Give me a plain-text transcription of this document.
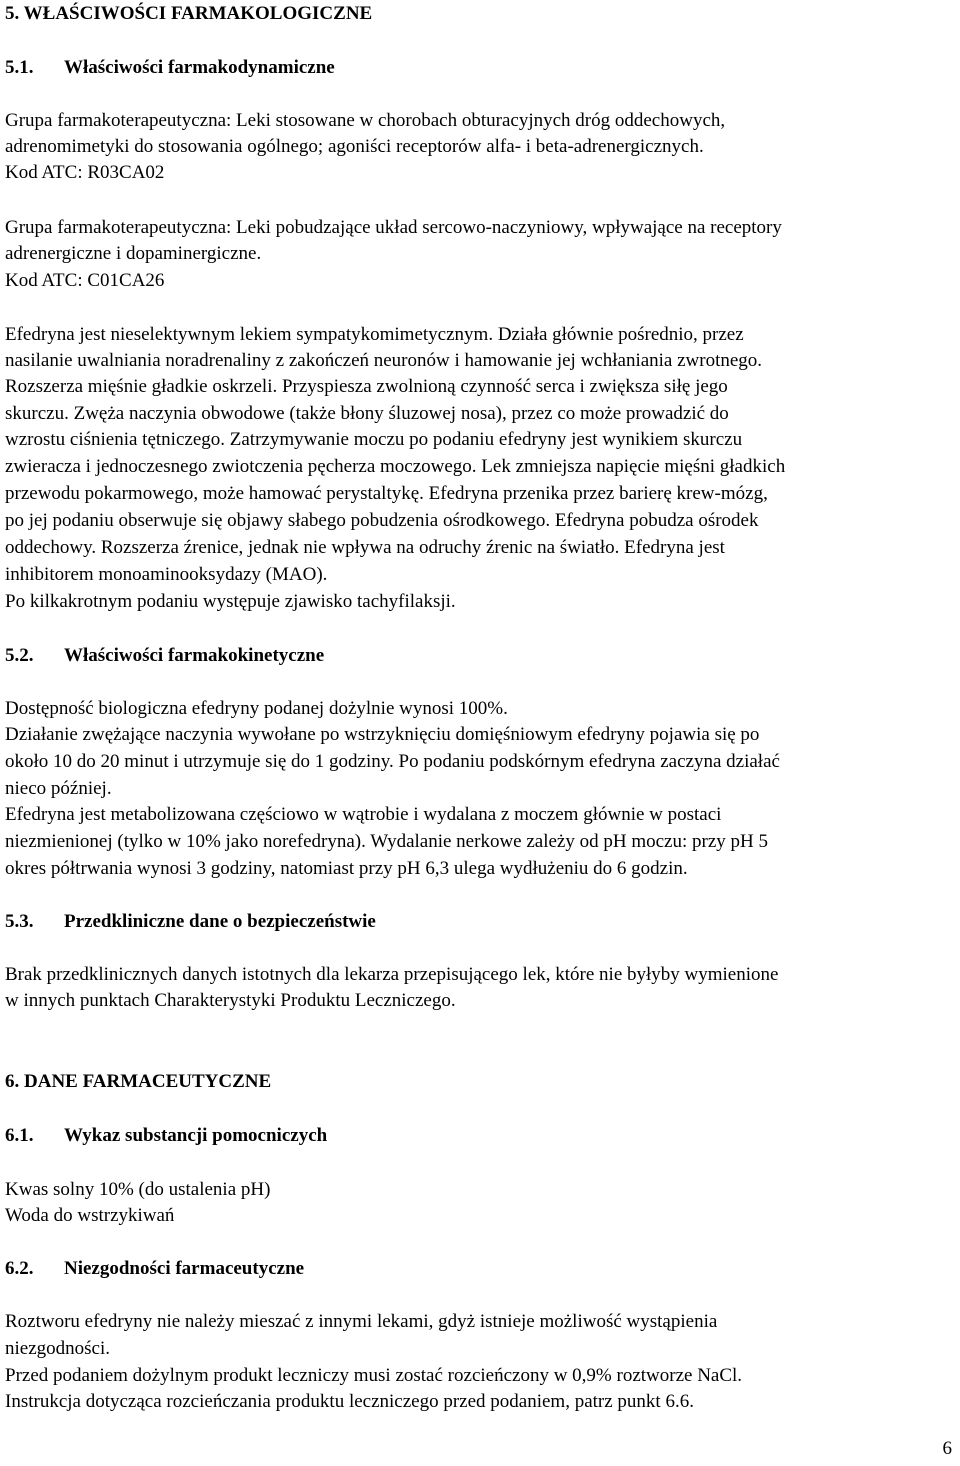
5. WŁAŚCIWOŚCI FARMAKOLOGICZNE
5.1. Właściwości farmakodynamiczne
Grupa farmakoterapeutyczna: Leki stosowane w chorobach obturacyjnych dróg oddechowych,
adrenomimetyki do stosowania ogólnego; agoniści receptorów alfa- i beta-adrenergicznych.
Kod ATC: R03CA02
Grupa farmakoterapeutyczna: Leki pobudzające układ sercowo-naczyniowy, wpływające na receptory
adrenergiczne i dopaminergiczne.
Kod ATC: C01CA26
Efedryna jest nieselektywnym lekiem sympatykomimetycznym. Działa głównie pośrednio, przez
nasilanie uwalniania noradrenaliny z zakończeń neuronów i hamowanie jej wchłaniania zwrotnego.
Rozszerza mięśnie gładkie oskrzeli. Przyspiesza zwolnioną czynność serca i zwiększa siłę jego
skurczu. Zwęża naczynia obwodowe (także błony śluzowej nosa), przez co może prowadzić do
wzrostu ciśnienia tętniczego. Zatrzymywanie moczu po podaniu efedryny jest wynikiem skurczu
zwieracza i jednoczesnego zwiotczenia pęcherza moczowego. Lek zmniejsza napięcie mięśni gładkich
przewodu pokarmowego, może hamować perystaltykę. Efedryna przenika przez barierę krew-mózg,
po jej podaniu obserwuje się objawy słabego pobudzenia ośrodkowego. Efedryna pobudza ośrodek
oddechowy. Rozszerza źrenice, jednak nie wpływa na odruchy źrenic na światło. Efedryna jest
inhibitorem monoaminooksydazy (MAO).
Po kilkakrotnym podaniu występuje zjawisko tachyfilaksji.
5.2. Właściwości farmakokinetyczne
Dostępność biologiczna efedryny podanej dożylnie wynosi 100%.
Działanie zwężające naczynia wywołane po wstrzyknięciu domięśniowym efedryny pojawia się po
około 10 do 20 minut i utrzymuje się do 1 godziny. Po podaniu podskórnym efedryna zaczyna działać
nieco później.
Efedryna jest metabolizowana częściowo w wątrobie i wydalana z moczem głównie w postaci
niezmienionej (tylko w 10% jako norefedryna). Wydalanie nerkowe zależy od pH moczu: przy pH 5
okres półtrwania wynosi 3 godziny, natomiast przy pH 6,3 ulega wydłużeniu do 6 godzin.
5.3. Przedkliniczne dane o bezpieczeństwie
Brak przedklinicznych danych istotnych dla lekarza przepisującego lek, które nie byłyby wymienione
w innych punktach Charakterystyki Produktu Leczniczego.
6. DANE FARMACEUTYCZNE
6.1. Wykaz substancji pomocniczych
Kwas solny 10% (do ustalenia pH)
Woda do wstrzykiwań
6.2. Niezgodności farmaceutyczne
Roztworu efedryny nie należy mieszać z innymi lekami, gdyż istnieje możliwość wystąpienia
niezgodności.
Przed podaniem dożylnym produkt leczniczy musi zostać rozcieńczony w 0,9% roztworze NaCl.
Instrukcja dotycząca rozcieńczania produktu leczniczego przed podaniem, patrz punkt 6.6.
6
